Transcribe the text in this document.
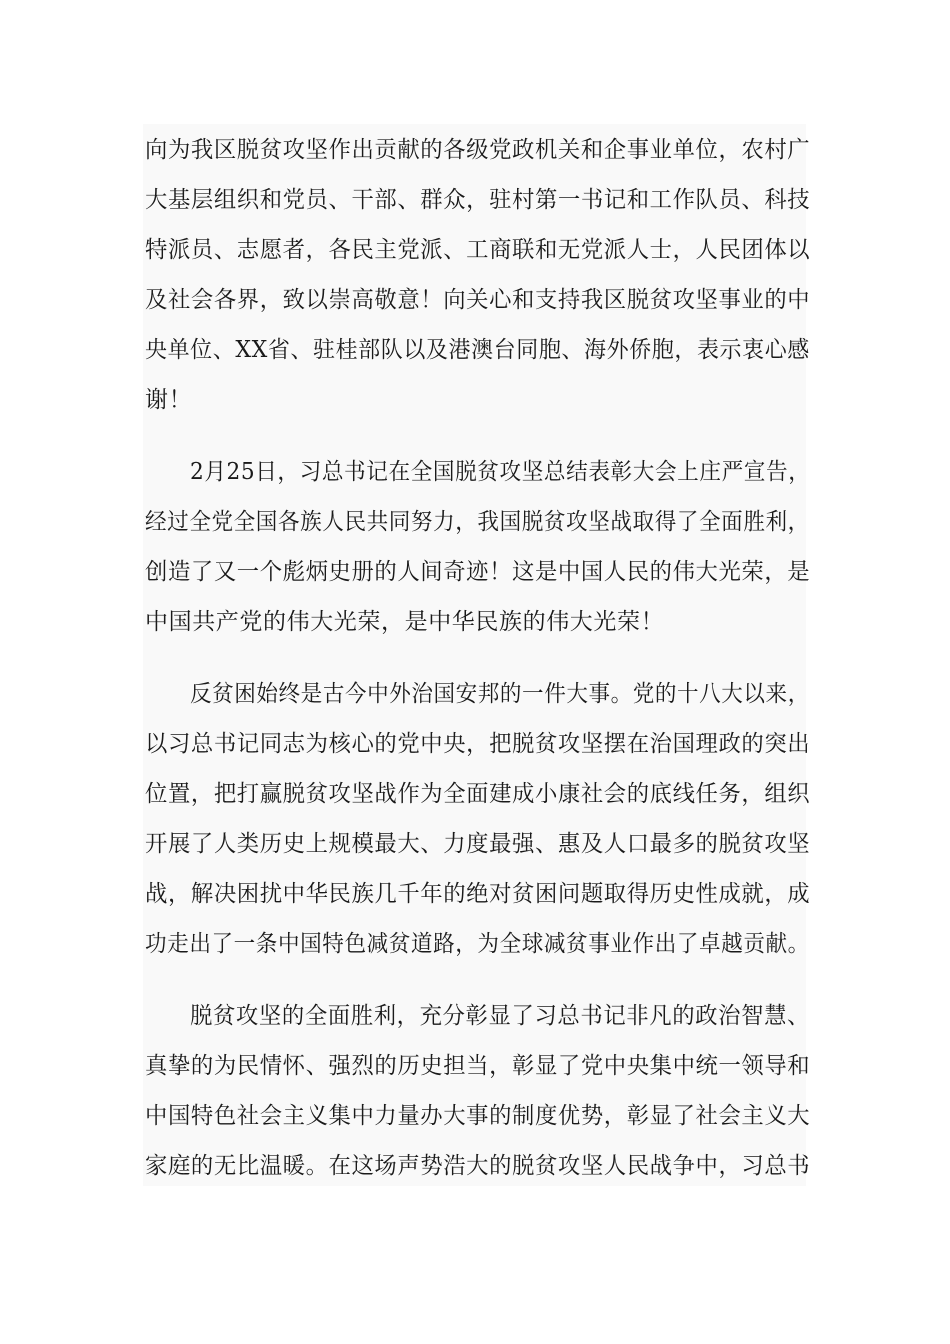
向为我区脱贫攻坚作出贡献的各级党政机关和企事业单位，农村广
大基层组织和党员、干部、群众，驻村第一书记和工作队员、科技
特派员、志愿者，各民主党派、工商联和无党派人士，人民团体以
及社会各界，致以崇高敬意！向关心和支持我区脱贫攻坚事业的中
央单位、XX省、驻桂部队以及港澳台同胞、海外侨胞，表示衷心感
谢！
2月25日，习总书记在全国脱贫攻坚总结表彰大会上庄严宣告，
经过全党全国各族人民共同努力，我国脱贫攻坚战取得了全面胜利，
创造了又一个彪炳史册的人间奇迹！这是中国人民的伟大光荣，是
中国共产党的伟大光荣，是中华民族的伟大光荣！
反贫困始终是古今中外治国安邦的一件大事。党的十八大以来，
以习总书记同志为核心的党中央，把脱贫攻坚摆在治国理政的突出
位置，把打赢脱贫攻坚战作为全面建成小康社会的底线任务，组织
开展了人类历史上规模最大、力度最强、惠及人口最多的脱贫攻坚
战，解决困扰中华民族几千年的绝对贫困问题取得历史性成就，成
功走出了一条中国特色减贫道路，为全球减贫事业作出了卓越贡献。
脱贫攻坚的全面胜利，充分彰显了习总书记非凡的政治智慧、
真挚的为民情怀、强烈的历史担当，彰显了党中央集中统一领导和
中国特色社会主义集中力量办大事的制度优势，彰显了社会主义大
家庭的无比温暖。在这场声势浩大的脱贫攻坚人民战争中，习总书
